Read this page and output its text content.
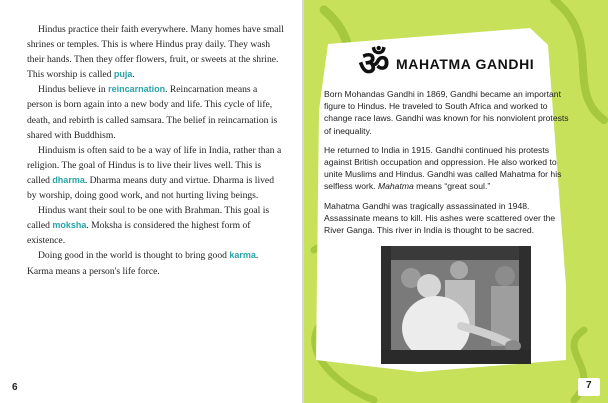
Hindus practice their faith everywhere. Many homes have small shrines or temples. This is where Hindus pray daily. They wash their hands. Then they offer flowers, fruit, or sweets at the shrine. This worship is called puja.

Hindus believe in reincarnation. Reincarnation means a person is born again into a new body and life. This cycle of life, death, and rebirth is called samsara. The belief in reincarnation is shared with Buddhism.

Hinduism is often said to be a way of life in India, rather than a religion. The goal of Hindus is to live their lives well. This is called dharma. Dharma means duty and virtue. Dharma is lived by worship, doing good work, and not hurting living beings.

Hindus want their soul to be one with Brahman. This goal is called moksha. Moksha is considered the highest form of existence.

Doing good in the world is thought to bring good karma. Karma means a person's life force.

6
ॐ MAHATMA GANDHI

Born Mohandas Gandhi in 1869, Gandhi became an important figure to Hindus. He traveled to South Africa and worked to change race laws. Gandhi was known for his nonviolent protests of inequality.

He returned to India in 1915. Gandhi continued his protests against British occupation and oppression. He also worked to unite Muslims and Hindus. Gandhi was called Mahatma for his selfless work. Mahatma means “great soul.”

Mahatma Gandhi was tragically assassinated in 1948. Assassinate means to kill. His ashes were scattered over the River Ganga. This river in India is thought to be sacred.

7
